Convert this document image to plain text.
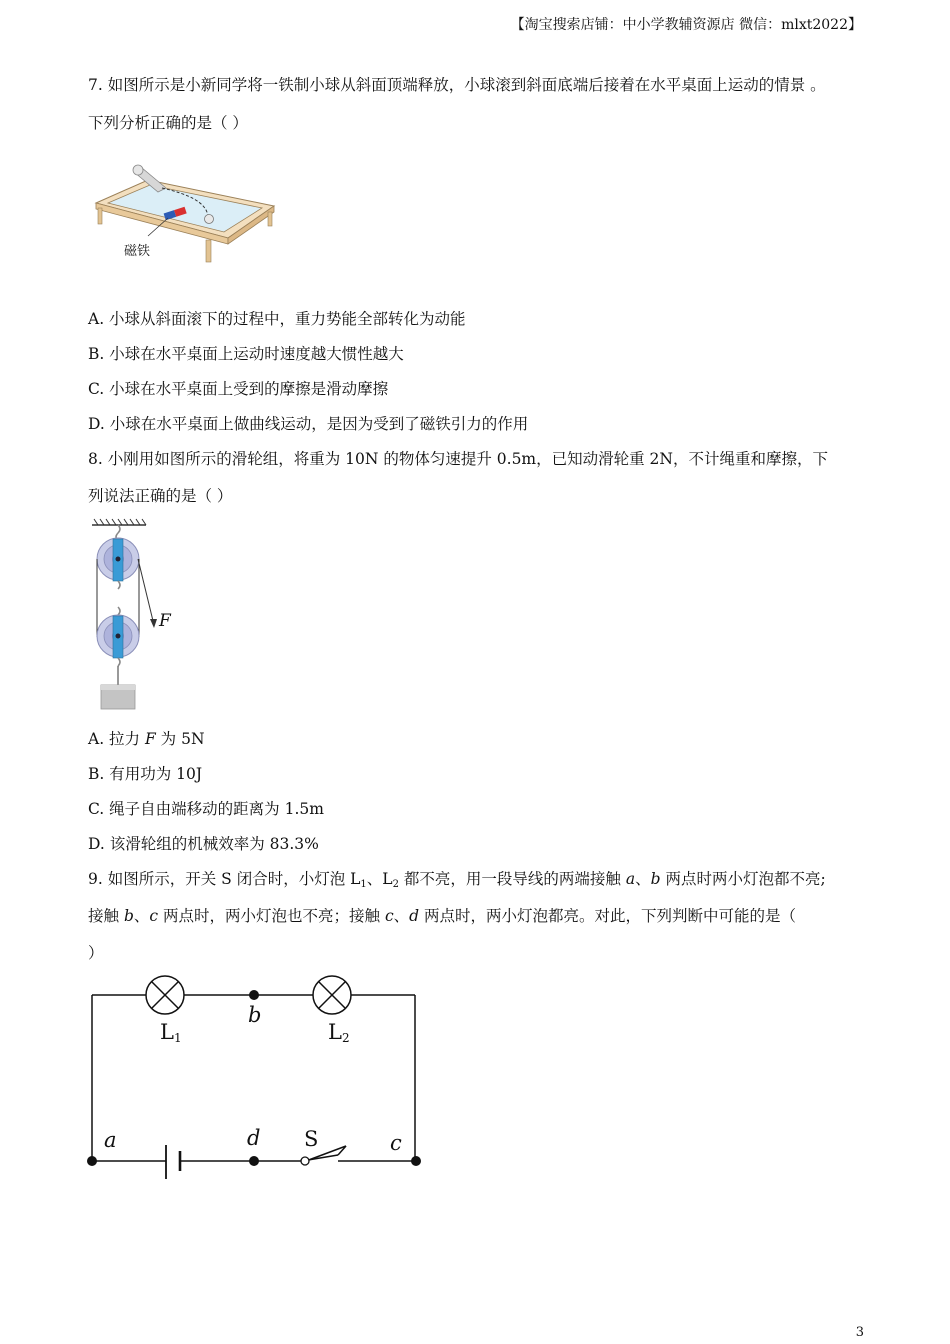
【淘宝搜索店铺：中小学教辅资源店 微信：mlxt2022】
7. 如图所示是小新同学将一铁制小球从斜面顶端释放，小球滚到斜面底端后接着在水平桌面上运动的情景 。
下列分析正确的是（ ）
磁铁
A. 小球从斜面滚下的过程中，重力势能全部转化为动能
B. 小球在水平桌面上运动时速度越大惯性越大
C. 小球在水平桌面上受到的摩擦是滑动摩擦
D. 小球在水平桌面上做曲线运动，是因为受到了磁铁引力的作用
8. 小刚用如图所示的滑轮组，将重为 10N 的物体匀速提升 0.5m，已知动滑轮重 2N，不计绳重和摩擦，下
列说法正确的是（ ）
F
A. 拉力 F 为 5N
B. 有用功为 10J
C. 绳子自由端移动的距离为 1.5m
D. 该滑轮组的机械效率为 83.3%
9. 如图所示，开关 S 闭合时，小灯泡 $L_1$、$L_2$ 都不亮，用一段导线的两端接触 a、b 两点时两小灯泡都不亮;
接触 b、c 两点时，两小灯泡也不亮；接触 c、d 两点时，两小灯泡都亮。对此，下列判断中可能的是（
）
L1	L2
b
a	d S	c
3
